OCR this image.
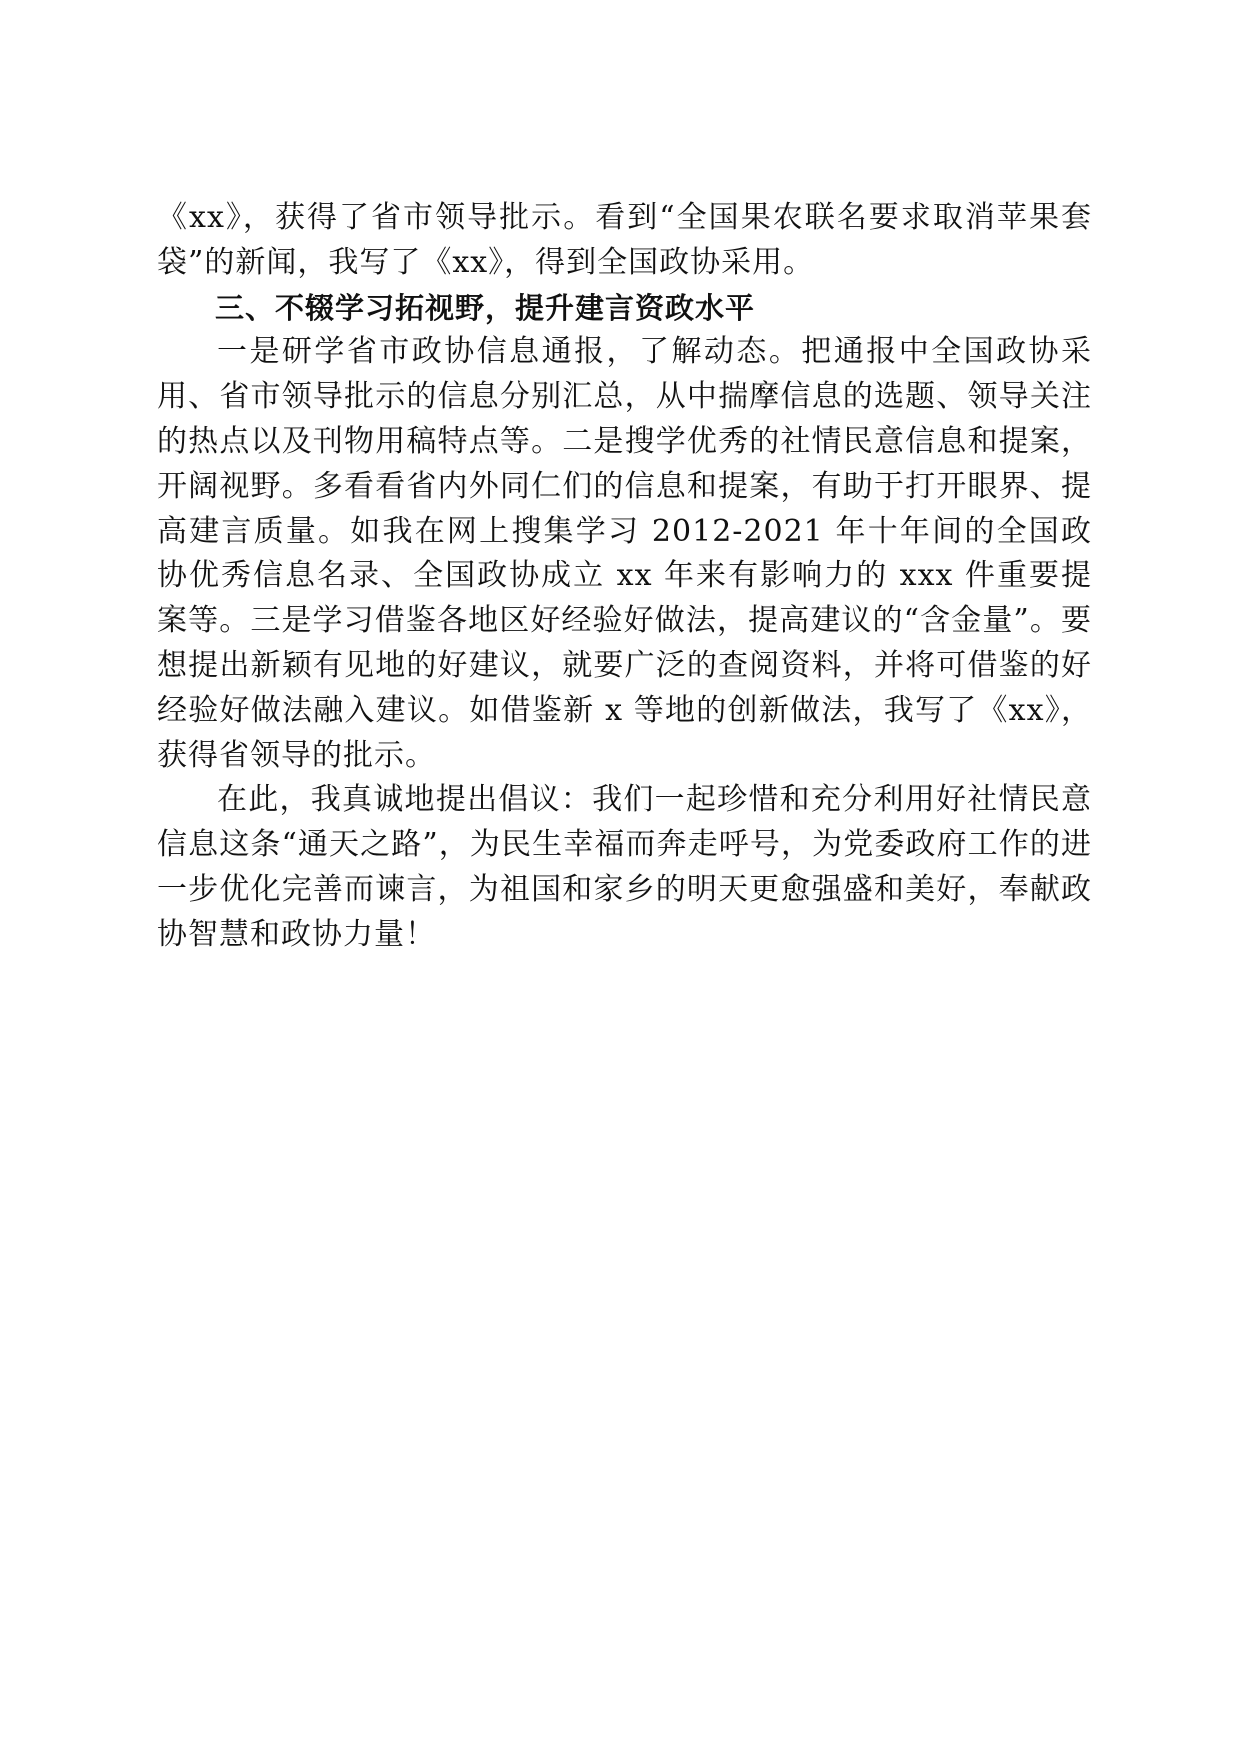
《xx》，获得了省市领导批示。看到“全国果农联名要求取消苹果套袋”的新闻，我写了《xx》，得到全国政协采用。

三、不辍学习拓视野，提升建言资政水平

一是研学省市政协信息通报，了解动态。把通报中全国政协采用、省市领导批示的信息分别汇总，从中揣摩信息的选题、领导关注的热点以及刊物用稿特点等。二是搜学优秀的社情民意信息和提案，开阔视野。多看看省内外同仁们的信息和提案，有助于打开眼界、提高建言质量。如我在网上搜集学习 2012-2021 年十年间的全国政协优秀信息名录、全国政协成立 xx 年来有影响力的 xxx 件重要提案等。三是学习借鉴各地区好经验好做法，提高建议的“含金量”。要想提出新颖有见地的好建议，就要广泛的查阅资料，并将可借鉴的好经验好做法融入建议。如借鉴新 x 等地的创新做法，我写了《xx》，获得省领导的批示。

在此，我真诚地提出倡议：我们一起珍惜和充分利用好社情民意信息这条“通天之路”，为民生幸福而奔走呼号，为党委政府工作的进一步优化完善而谏言，为祖国和家乡的明天更愈强盛和美好，奉献政协智慧和政协力量！
